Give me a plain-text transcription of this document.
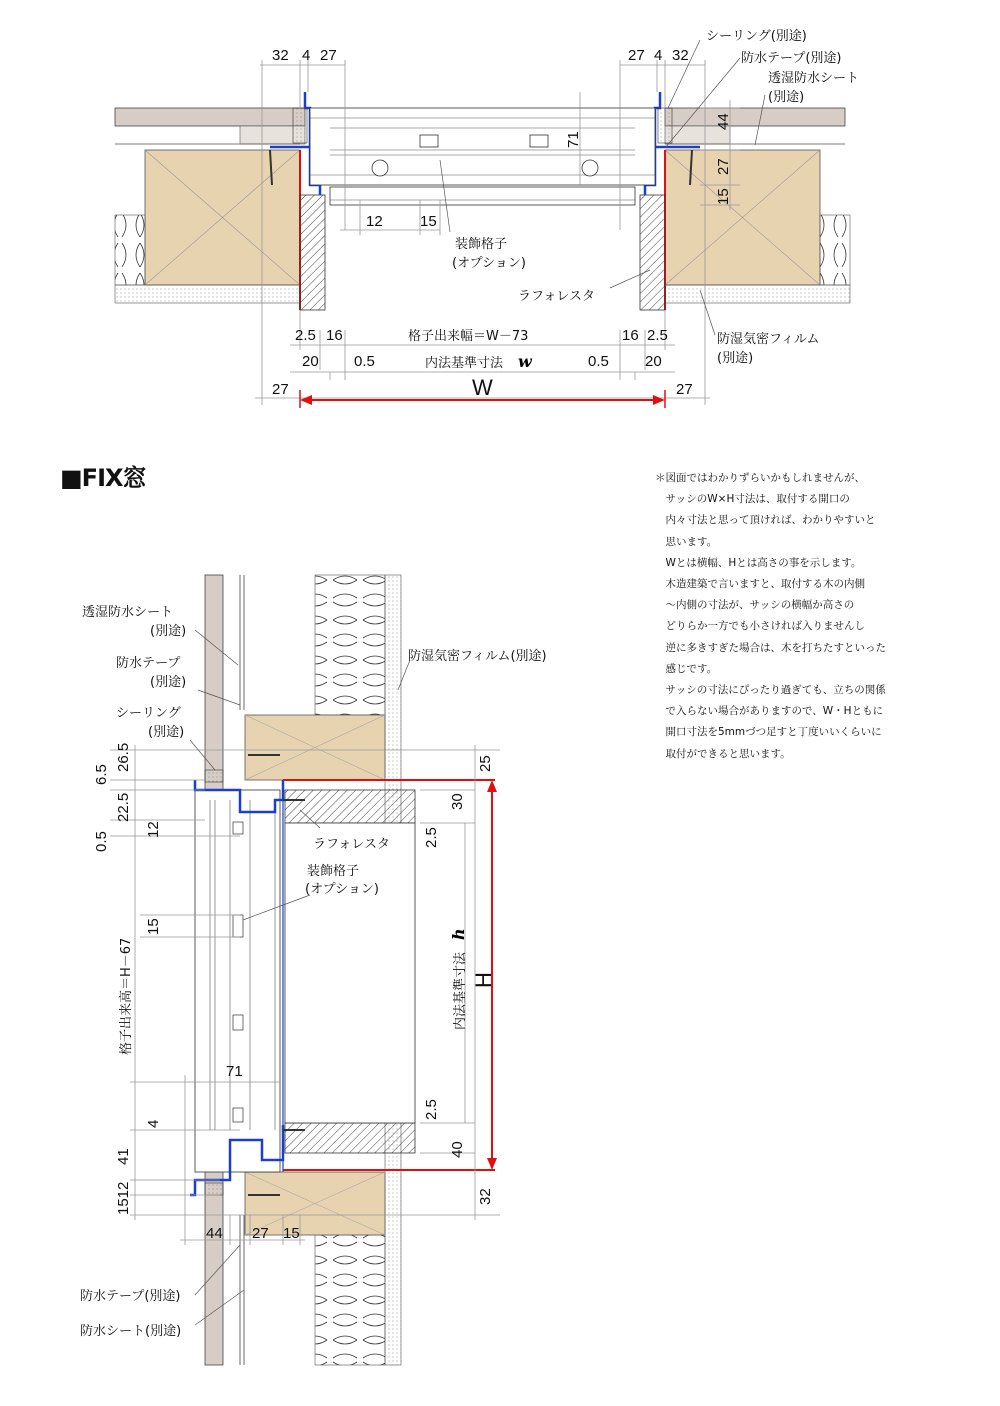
32 4 27	27 4 32
44
71
27
15
12 15
シーリング(別途)
防水テープ(別途)
透湿防水シート
(別途)
装飾格子
(オプション)
ラフォレスタ
防湿気密フィルム
(別途)
2.5 16	格子出来幅＝W－73	16 2.5
20 0.5	内法基準寸法 w	0.5 20
27	W	27
透湿防水シート
(別途)
防水テープ
(別途)
シーリング
(別途)
防湿気密フィルム(別途)
ラフォレスタ
装飾格子
(オプション)
防水テープ(別途)
防水シート(別途)
6.5
26.5
22.5
0.5
12
15
格子出来高＝H－67
4
41
1512
71
44 27 15
25
30
2.5
内法基準寸法
h
H
2.5
40
32
■FIX窓	＊図面ではわかりずらいかもしれませんが、

　サッシのW×H寸法は、取付する開口の

　内々寸法と思って頂ければ、わかりやすいと

　思います。

　Wとは横幅、Hとは高さの事を示します。

　木造建築で言いますと、取付する木の内側

　～内側の寸法が、サッシの横幅か高さの

　どりらか一方でも小さければ入りませんし

　逆に多きすぎた場合は、木を打ちたすといった

　感じです。

　サッシの寸法にぴったり過ぎても、立ちの関係

　で入らない場合がありますので、W・Hともに

　開口寸法を5mmづつ足すと丁度いいくらいに

　取付ができると思います。
